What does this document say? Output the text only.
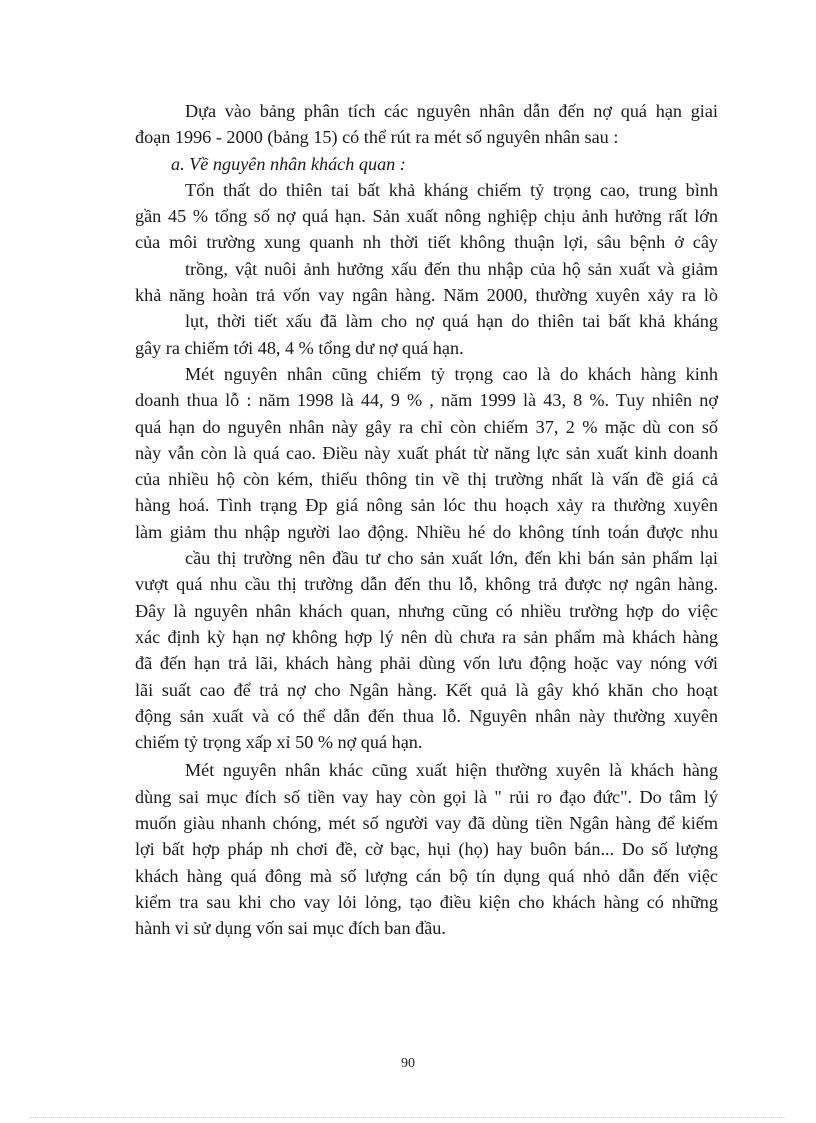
Dựa vào bảng phân tích các nguyên nhân dẫn đến nợ quá hạn giai
đoạn 1996 - 2000 (bảng 15) có thể rút ra mét số nguyên nhân sau :
a. Về nguyên nhân khách quan :
Tổn thất do thiên tai bất khả kháng chiếm tỷ trọng cao, trung bình
gần 45 % tổng số nợ quá hạn. Sản xuất nông nghiệp chịu ảnh hưởng rất lớn
của môi trường xung quanh nh thời tiết không thuận lợi, sâu bệnh ở cây
trồng, vật nuôi ảnh hưởng xấu đến thu nhập của hộ sản xuất và giảm
khả năng hoàn trả vốn vay ngân hàng. Năm 2000, thường xuyên xảy ra lò
lụt, thời tiết xấu đã làm cho nợ quá hạn do thiên tai bất khả kháng
gây ra chiếm tới 48, 4 % tổng dư nợ quá hạn.
Mét nguyên nhân cũng chiếm tỷ trọng cao là do khách hàng kinh
doanh thua lỗ : năm 1998 là 44, 9 % , năm 1999 là 43, 8 %. Tuy nhiên nợ
quá hạn do nguyên nhân này gây ra chỉ còn chiếm 37, 2 % mặc dù con số
này vẫn còn là quá cao. Điều này xuất phát từ năng lực sản xuất kinh doanh
của nhiều hộ còn kém, thiếu thông tin về thị trường nhất là vấn đề giá cả
hàng hoá. Tình trạng Ðp giá nông sản lóc thu hoạch xảy ra thường xuyên
làm giảm thu nhập người lao động. Nhiều hé do không tính toán được nhu
cầu thị trường nên đầu tư cho sản xuất lớn, đến khi bán sản phẩm lại
vượt quá nhu cầu thị trường dẫn đến thu lỗ, không trả được nợ ngân hàng.
Đây là nguyên nhân khách quan, nhưng cũng có nhiều trường hợp do việc
xác định kỳ hạn nợ không hợp lý nên dù chưa ra sản phẩm mà khách hàng
đã đến hạn trả lãi, khách hàng phải dùng vốn lưu động hoặc vay nóng với
lãi suất cao để trả nợ cho Ngân hàng. Kết quả là gây khó khăn cho hoạt
động sản xuất và có thể dẫn đến thua lỗ. Nguyên nhân này thường xuyên
chiếm tỷ trọng xấp xỉ 50 % nợ quá hạn.
Mét nguyên nhân khác cũng xuất hiện thường xuyên là khách hàng
dùng sai mục đích số tiền vay hay còn gọi là " rủi ro đạo đức". Do tâm lý
muốn giàu nhanh chóng, mét số người vay đã dùng tiền Ngân hàng để kiếm
lợi bất hợp pháp nh chơi đề, cờ bạc, hụi (họ) hay buôn bán... Do số lượng
khách hàng quá đông mà số lượng cán bộ tín dụng quá nhỏ dẫn đến việc
kiểm tra sau khi cho vay lỏi lỏng, tạo điều kiện cho khách hàng có những
hành vi sử dụng vốn sai mục đích ban đầu.
90
